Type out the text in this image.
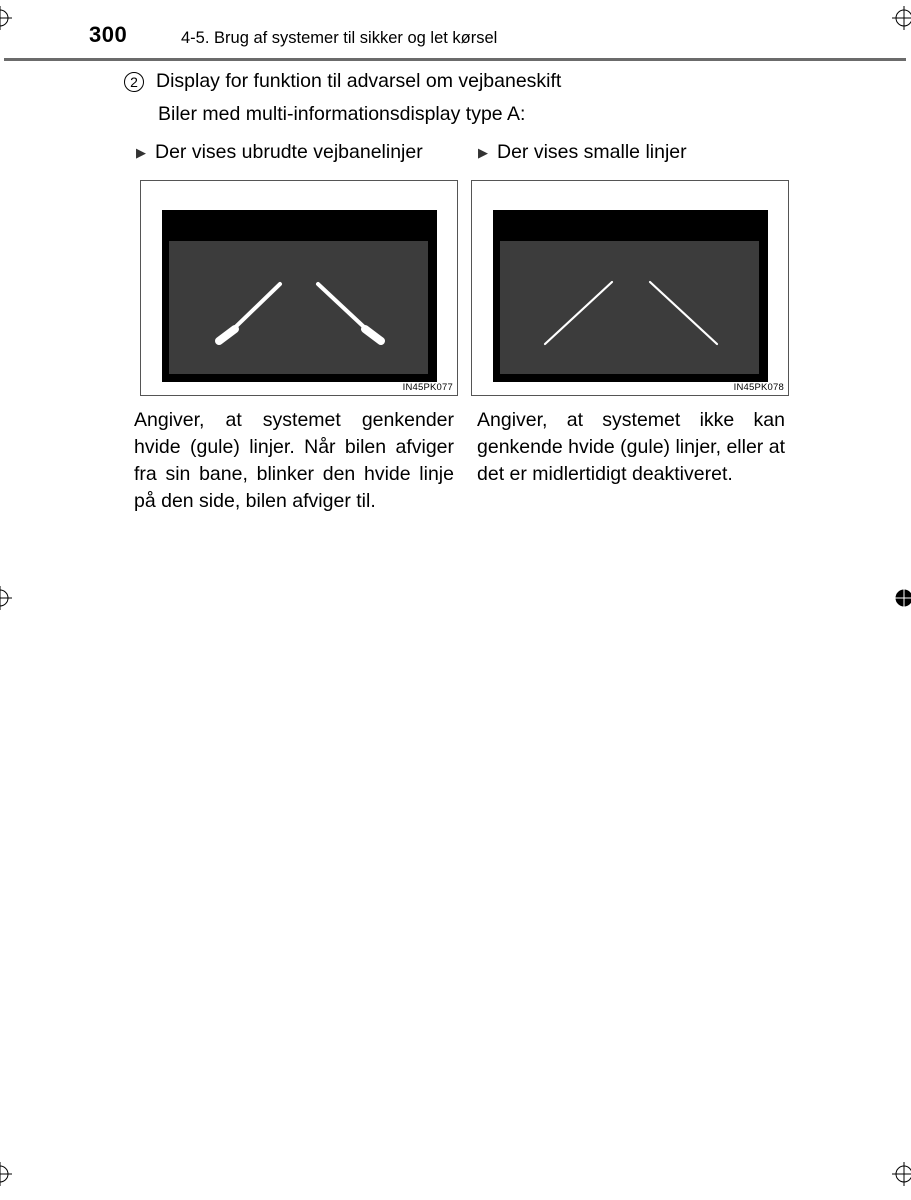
300	4-5. Brug af systemer til sikker og let kørsel
2 Display for funktion til advarsel om vejbaneskift
Biler med multi-informationsdisplay type A:
▶ Der vises ubrudte vejbanelinjer	▶ Der vises smalle linjer
IN45PK077	IN45PK078
Angiver, at systemet genkender hvide (gule) linjer. Når bilen afviger fra sin bane, blinker den hvide linje på den side, bilen afviger til.
Angiver, at systemet ikke kan genkende hvide (gule) linjer, eller at det er midlertidigt deaktiveret.
